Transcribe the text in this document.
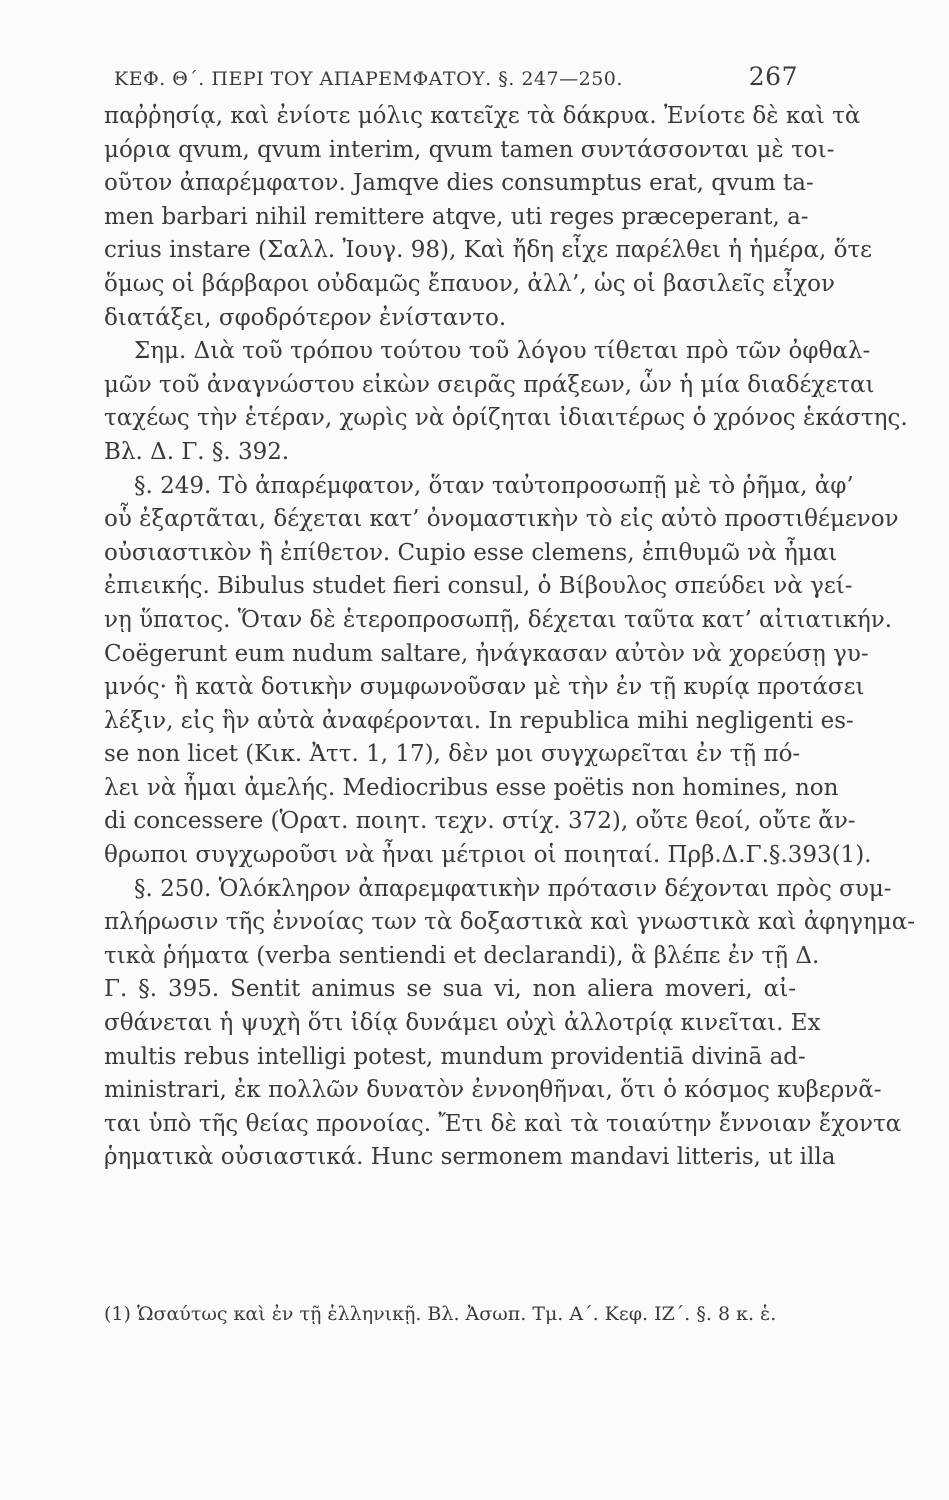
ΚΕΦ. Θ΄. ΠΕΡΙ ΤΟΥ ΑΠΑΡΕΜΦΑΤΟΥ. §. 247—250.	267
παῤῥησίᾳ, καὶ ἐνίοτε μόλις κατεῖχε τὰ δάκρυα. Ἐνίοτε δὲ καὶ τὰ
μόρια qvum, qvum interim, qvum tamen συντάσσονται μὲ τοι-
οῦτον ἀπαρέμφατον. Jamqve dies consumptus erat, qvum ta-
men barbari nihil remittere atqve, uti reges præceperant, a-
crius instare (Σαλλ. Ἰουγ. 98), Καὶ ἤδη εἶχε παρέλθει ἡ ἡμέρα, ὅτε
ὅμως οἱ βάρβαροι οὐδαμῶς ἔπαυον, ἀλλ’, ὡς οἱ βασιλεῖς εἶχον
διατάξει, σφοδρότερον ἐνίσταντο.
Σημ. Διὰ τοῦ τρόπου τούτου τοῦ λόγου τίθεται πρὸ τῶν ὀφθαλ-
μῶν τοῦ ἀναγνώστου εἰκὼν σειρᾶς πράξεων, ὧν ἡ μία διαδέχεται
ταχέως τὴν ἑτέραν, χωρὶς νὰ ὁρίζηται ἰδιαιτέρως ὁ χρόνος ἑκάστης.
Βλ. Δ. Γ. §. 392.
§. 249. Τὸ ἀπαρέμφατον, ὅταν ταὐτοπροσωπῇ μὲ τὸ ῥῆμα, ἀφ’
οὗ ἐξαρτᾶται, δέχεται κατ’ ὀνομαστικὴν τὸ εἰς αὐτὸ προστιθέμενον
οὐσιαστικὸν ἢ ἐπίθετον. Cupio esse clemens, ἐπιθυμῶ νὰ ἦμαι
ἐπιεικής. Bibulus studet fieri consul, ὁ Βίβουλος σπεύδει νὰ γεί-
νῃ ὕπατος. Ὅταν δὲ ἑτεροπροσωπῇ, δέχεται ταῦτα κατ’ αἰτιατικήν.
Coëgerunt eum nudum saltare, ἠνάγκασαν αὐτὸν νὰ χορεύσῃ γυ-
μνός· ἢ κατὰ δοτικὴν συμφωνοῦσαν μὲ τὴν ἐν τῇ κυρίᾳ προτάσει
λέξιν, εἰς ἣν αὐτὰ ἀναφέρονται. In republica mihi negligenti es-
se non licet (Κικ. Ἀττ. 1, 17), δὲν μοι συγχωρεῖται ἐν τῇ πό-
λει νὰ ἦμαι ἀμελής. Mediocribus esse poëtis non homines, non
di concessere (Ὁρατ. ποιητ. τεχν. στίχ. 372), οὔτε θεοί, οὔτε ἄν-
θρωποι συγχωροῦσι νὰ ἦναι μέτριοι οἱ ποιηταί. Πρβ.Δ.Γ.§.393(1).
§. 250. Ὁλόκληρον ἀπαρεμφατικὴν πρότασιν δέχονται πρὸς συμ-
πλήρωσιν τῆς ἐννοίας των τὰ δοξαστικὰ καὶ γνωστικὰ καὶ ἀφηγημα-
τικὰ ῥήματα (verba sentiendi et declarandi), ἃ βλέπε ἐν τῇ Δ.
Γ. §. 395. Sentit animus se sua vi, non aliera moveri, αἰ-
σθάνεται ἡ ψυχὴ ὅτι ἰδίᾳ δυνάμει οὐχὶ ἀλλοτρίᾳ κινεῖται. Ex
multis rebus intelligi potest, mundum providentiā divinā ad-
ministrari, ἐκ πολλῶν δυνατὸν ἐννοηθῆναι, ὅτι ὁ κόσμος κυβερνᾶ-
ται ὑπὸ τῆς θείας προνοίας. Ἔτι δὲ καὶ τὰ τοιαύτην ἔννοιαν ἔχοντα
ῥηματικὰ οὐσιαστικά. Hunc sermonem mandavi litteris, ut illa
(1) Ὡσαύτως καὶ ἐν τῇ ἑλληνικῇ. Βλ. Ἀσωπ. Τμ. Α΄. Κεφ. ΙΖ΄. §. 8 κ. ἑ.
